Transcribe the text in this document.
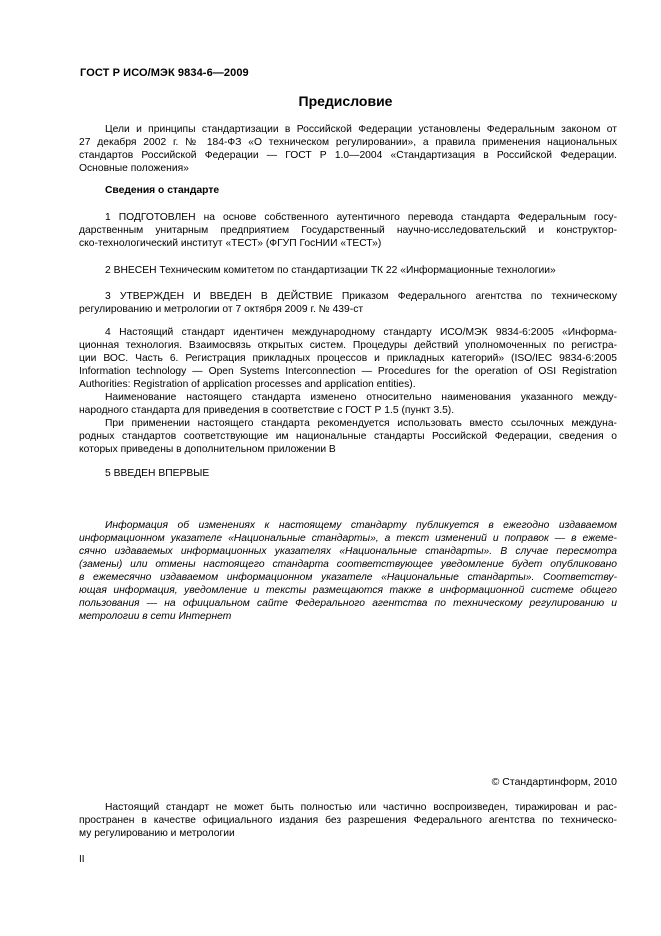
ГОСТ Р ИСО/МЭК 9834-6—2009
Предисловие
Цели и принципы стандартизации в Российской Федерации установлены Федеральным законом от
27 декабря 2002 г. № 184-ФЗ «О техническом регулировании», а правила применения национальных
стандартов Российской Федерации — ГОСТ Р 1.0—2004 «Стандартизация в Российской Федерации.
Основные положения»
Сведения о стандарте
1 ПОДГОТОВЛЕН на основе собственного аутентичного перевода стандарта Федеральным госу-
дарственным унитарным предприятием Государственный научно-исследовательский и конструктор-
ско-технологический институт «ТЕСТ» (ФГУП ГосНИИ «ТЕСТ»)
2 ВНЕСЕН Техническим комитетом по стандартизации ТК 22 «Информационные технологии»
3 УТВЕРЖДЕН И ВВЕДЕН В ДЕЙСТВИЕ Приказом Федерального агентства по техническому
регулированию и метрологии от 7 октября 2009 г. № 439-ст
4 Настоящий стандарт идентичен международному стандарту ИСО/МЭК 9834-6:2005 «Информа-
ционная технология. Взаимосвязь открытых систем. Процедуры действий уполномоченных по регистра-
ции ВОС. Часть 6. Регистрация прикладных процессов и прикладных категорий» (ISO/IEC 9834-6:2005
Information technology — Open Systems Interconnection — Procedures for the operation of OSI Registration
Authorities: Registration of application processes and application entities).
Наименование настоящего стандарта изменено относительно наименования указанного между-
народного стандарта для приведения в соответствие с ГОСТ Р 1.5 (пункт 3.5).
При применении настоящего стандарта рекомендуется использовать вместо ссылочных междуна-
родных стандартов соответствующие им национальные стандарты Российской Федерации, сведения о
которых приведены в дополнительном приложении В
5 ВВЕДЕН ВПЕРВЫЕ
Информация об изменениях к настоящему стандарту публикуется в ежегодно издаваемом
информационном указателе «Национальные стандарты», а текст изменений и поправок — в ежеме-
сячно издаваемых информационных указателях «Национальные стандарты». В случае пересмотра
(замены) или отмены настоящего стандарта соответствующее уведомление будет опубликовано
в ежемесячно издаваемом информационном указателе «Национальные стандарты». Соответству-
ющая информация, уведомление и тексты размещаются также в информационной системе общего
пользования — на официальном сайте Федерального агентства по техническому регулированию и
метрологии в сети Интернет
© Стандартинформ, 2010
Настоящий стандарт не может быть полностью или частично воспроизведен, тиражирован и рас-
пространен в качестве официального издания без разрешения Федерального агентства по техническо-
му регулированию и метрологии
II
